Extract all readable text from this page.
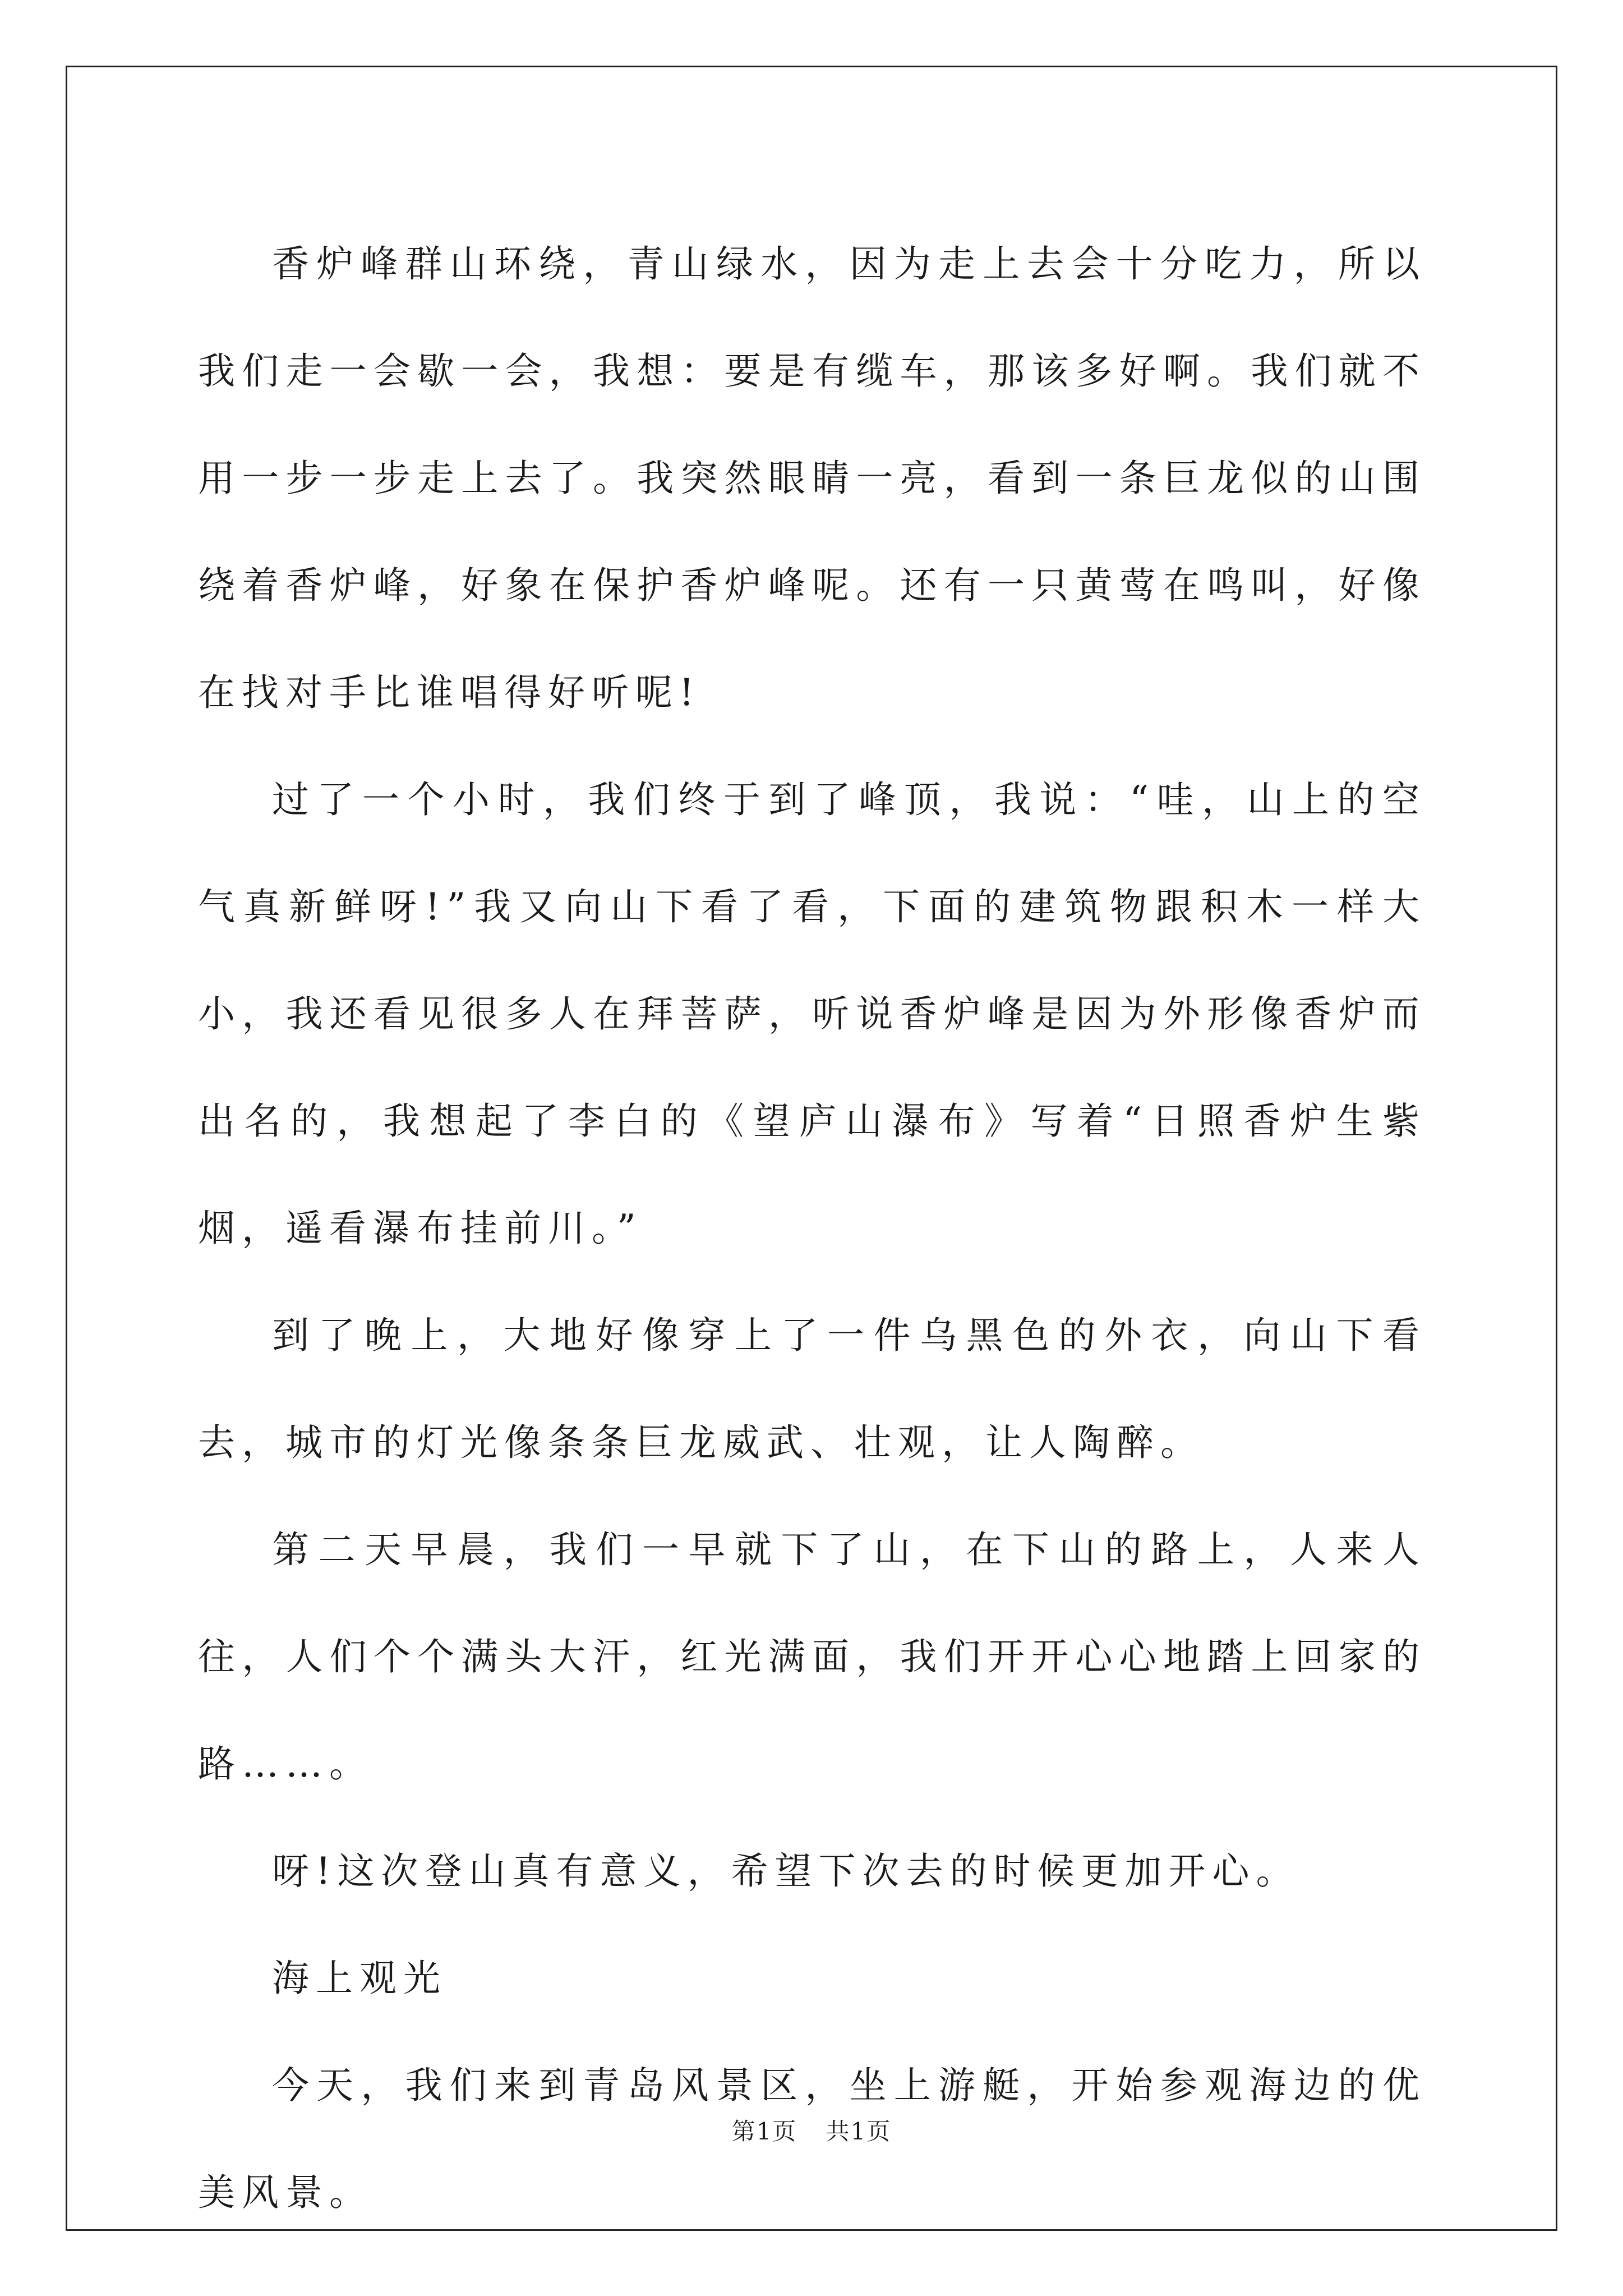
香炉峰群山环绕，青山绿水，因为走上去会十分吃力，所以我们走一会歇一会，我想：要是有缆车，那该多好啊。我们就不用一步一步走上去了。我突然眼睛一亮，看到一条巨龙似的山围绕着香炉峰，好象在保护香炉峰呢。还有一只黄莺在鸣叫，好像在找对手比谁唱得好听呢!

过了一个小时，我们终于到了峰顶，我说：“哇，山上的空气真新鲜呀!”我又向山下看了看，下面的建筑物跟积木一样大小，我还看见很多人在拜菩萨，听说香炉峰是因为外形像香炉而出名的，我想起了李白的《望庐山瀑布》写着“日照香炉生紫烟，遥看瀑布挂前川。”

到了晚上，大地好像穿上了一件乌黑色的外衣，向山下看去，城市的灯光像条条巨龙威武、壮观，让人陶醉。

第二天早晨，我们一早就下了山，在下山的路上，人来人往，人们个个满头大汗，红光满面，我们开开心心地踏上回家的路……。

呀!这次登山真有意义，希望下次去的时候更加开心。

海上观光

今天，我们来到青岛风景区，坐上游艇，开始参观海边的优美风景。

第1页 共1页
